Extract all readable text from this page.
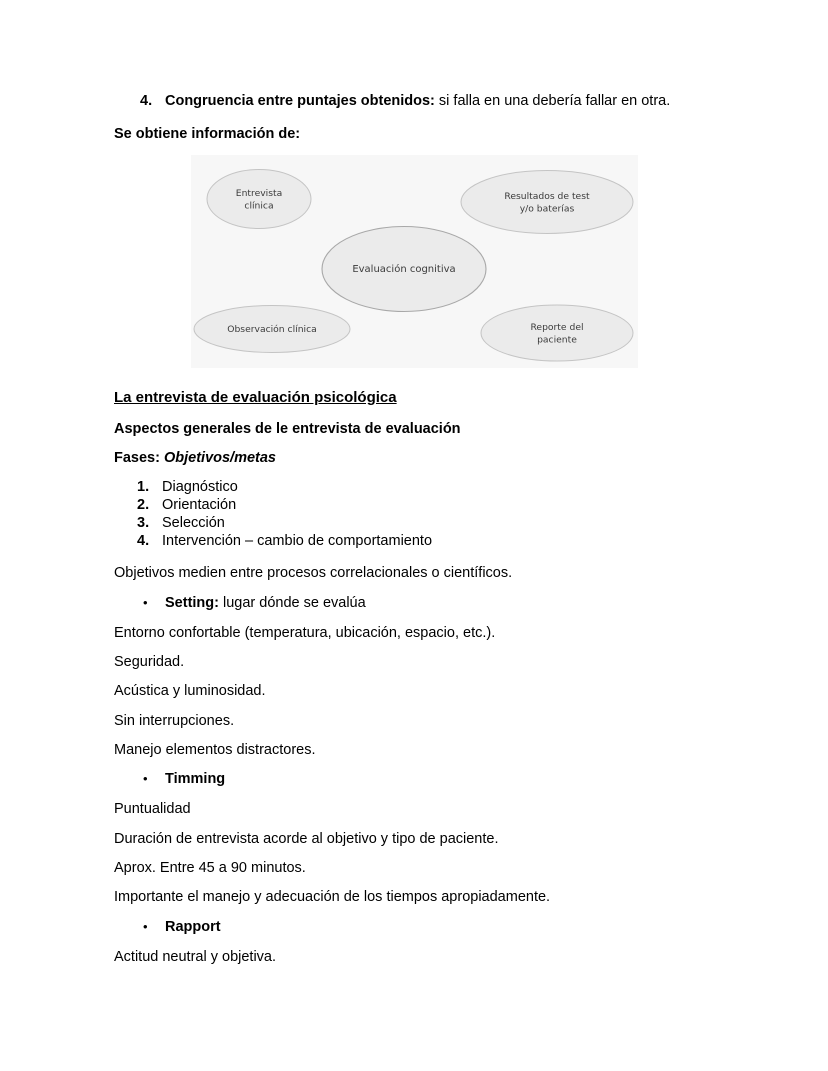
4. Congruencia entre puntajes obtenidos: si falla en una debería fallar en otra.
Se obtiene información de:
Entrevista
clínica
Resultados de test
y/o baterías
Evaluación cognitiva
Observación clínica	Reporte del
paciente
La entrevista de evaluación psicológica
Aspectos generales de le entrevista de evaluación
Fases: Objetivos/metas
1. Diagnóstico
2. Orientación
3. Selección
4. Intervención – cambio de comportamiento
Objetivos medien entre procesos correlacionales o científicos.
•	Setting: lugar dónde se evalúa
Entorno confortable (temperatura, ubicación, espacio, etc.).
Seguridad.
Acústica y luminosidad.
Sin interrupciones.
Manejo elementos distractores.
•	Timming
Puntualidad
Duración de entrevista acorde al objetivo y tipo de paciente.
Aprox. Entre 45 a 90 minutos.
Importante el manejo y adecuación de los tiempos apropiadamente.
•	Rapport
Actitud neutral y objetiva.
